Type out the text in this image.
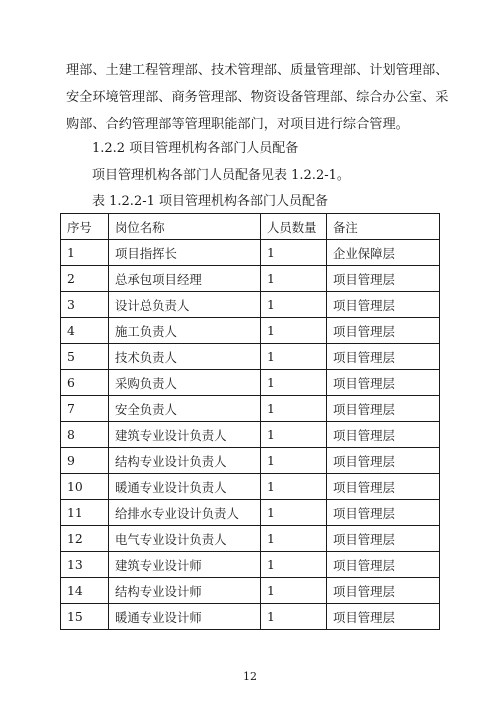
理部、土建工程管理部、技术管理部、质量管理部、计划管理部、
安全环境管理部、商务管理部、物资设备管理部、综合办公室、采
购部、合约管理部等管理职能部门，对项目进行综合管理。

1.2.2 项目管理机构各部门人员配备

项目管理机构各部门人员配备见表 1.2.2-1。

表 1.2.2-1 项目管理机构各部门人员配备

序号	岗位名称	人员数量	备注
1	项目指挥长	1	企业保障层
2	总承包项目经理	1	项目管理层
3	设计总负责人	1	项目管理层
4	施工负责人	1	项目管理层
5	技术负责人	1	项目管理层
6	采购负责人	1	项目管理层
7	安全负责人	1	项目管理层
8	建筑专业设计负责人	1	项目管理层
9	结构专业设计负责人	1	项目管理层
10	暖通专业设计负责人	1	项目管理层
11	给排水专业设计负责人	1	项目管理层
12	电气专业设计负责人	1	项目管理层
13	建筑专业设计师	1	项目管理层
14	结构专业设计师	1	项目管理层
15	暖通专业设计师	1	项目管理层

12
